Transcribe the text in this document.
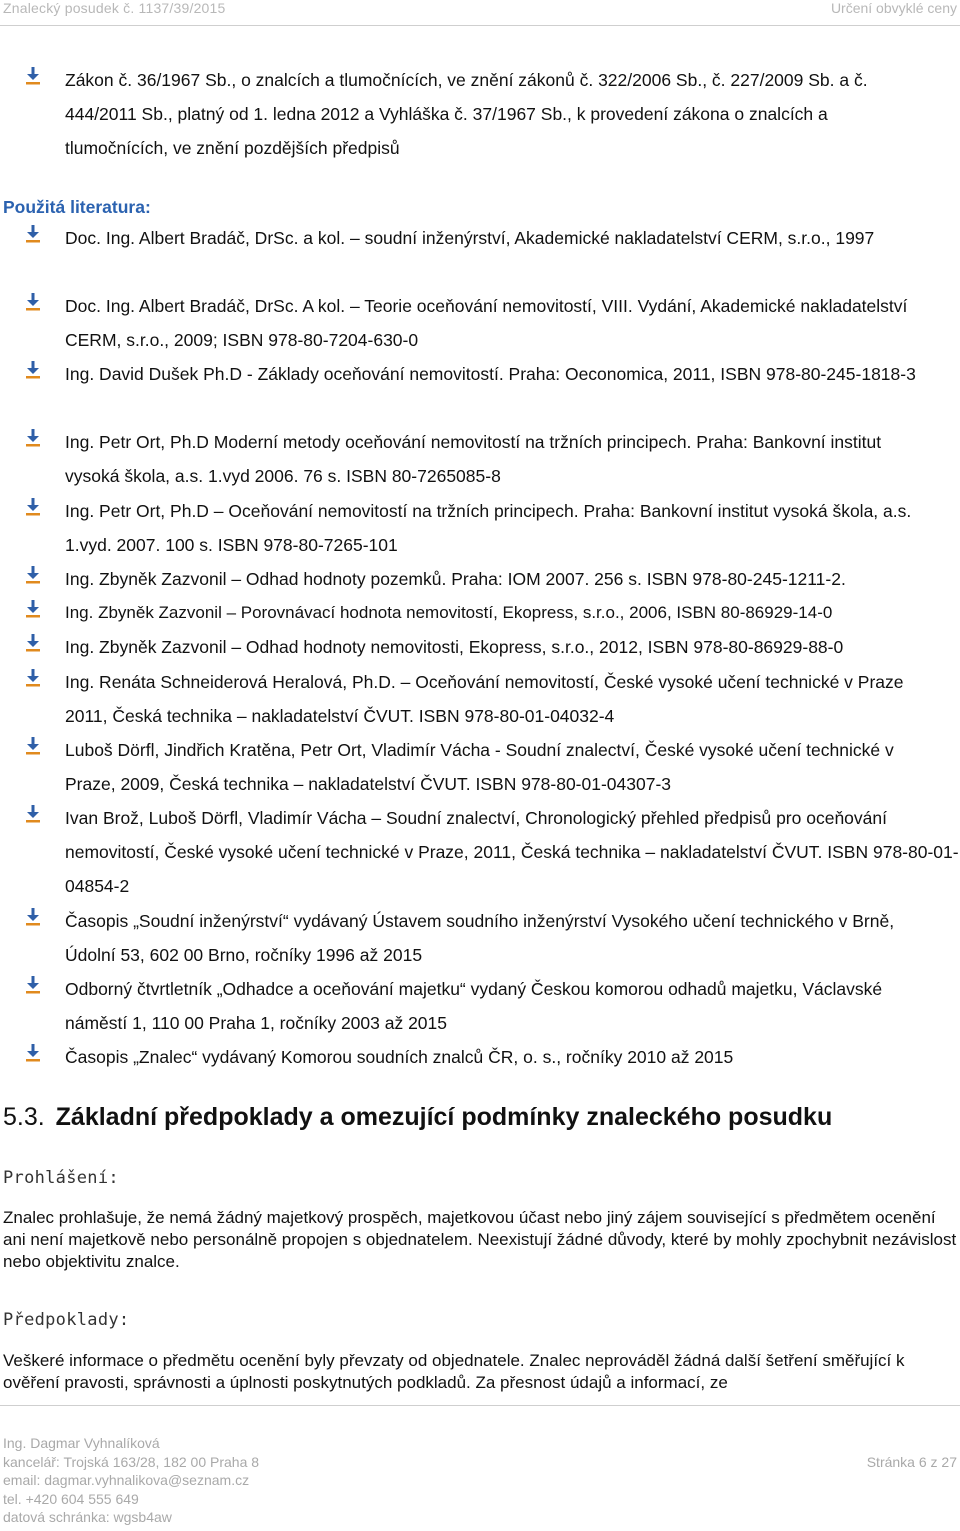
Znalecký posudek č. 1137/39/2015	Určení obvyklé ceny
Zákon č. 36/1967 Sb., o znalcích a tlumočnících, ve znění zákonů č. 322/2006 Sb., č. 227/2009 Sb. a č. 444/2011 Sb., platný od 1. ledna 2012 a Vyhláška č. 37/1967 Sb., k provedení zákona o znalcích a tlumočnících, ve znění pozdějších předpisů
Použitá literatura:
Doc. Ing. Albert Bradáč, DrSc. a kol. – soudní inženýrství, Akademické nakladatelství CERM, s.r.o., 1997
Doc. Ing. Albert Bradáč, DrSc. A kol. – Teorie oceňování nemovitostí, VIII. Vydání, Akademické nakladatelství CERM, s.r.o., 2009; ISBN 978-80-7204-630-0
Ing. David Dušek Ph.D - Základy oceňování nemovitostí. Praha: Oeconomica, 2011, ISBN 978-80-245-1818-3
Ing. Petr Ort, Ph.D Moderní metody oceňování nemovitostí na tržních principech. Praha: Bankovní institut vysoká škola, a.s. 1.vyd 2006. 76 s. ISBN 80-7265085-8
Ing. Petr Ort, Ph.D – Oceňování nemovitostí na tržních principech. Praha: Bankovní institut vysoká škola, a.s. 1.vyd. 2007. 100 s. ISBN 978-80-7265-101
Ing. Zbyněk Zazvonil – Odhad hodnoty pozemků. Praha: IOM 2007. 256 s. ISBN 978-80-245-1211-2.
Ing. Zbyněk Zazvonil – Porovnávací hodnota nemovitostí, Ekopress, s.r.o., 2006, ISBN 80-86929-14-0
Ing. Zbyněk Zazvonil – Odhad hodnoty nemovitosti, Ekopress, s.r.o., 2012, ISBN 978-80-86929-88-0
Ing. Renáta Schneiderová Heralová, Ph.D. – Oceňování nemovitostí, České vysoké učení technické v Praze 2011, Česká technika – nakladatelství ČVUT. ISBN 978-80-01-04032-4
Luboš Dörfl, Jindřich Kratěna, Petr Ort, Vladimír Vácha - Soudní znalectví, České vysoké učení technické v Praze, 2009, Česká technika – nakladatelství ČVUT. ISBN 978-80-01-04307-3
Ivan Brož, Luboš Dörfl, Vladimír Vácha – Soudní znalectví, Chronologický přehled předpisů pro oceňování nemovitostí, České vysoké učení technické v Praze, 2011, Česká technika – nakladatelství ČVUT. ISBN 978-80-01-04854-2
Časopis „Soudní inženýrství“ vydávaný Ústavem soudního inženýrství Vysokého učení technického v Brně, Údolní 53, 602 00 Brno, ročníky 1996 až 2015
Odborný čtvrtletník „Odhadce a oceňování majetku“ vydaný Českou komorou odhadů majetku, Václavské náměstí 1, 110 00 Praha 1, ročníky 2003 až 2015
Časopis „Znalec“ vydávaný Komorou soudních znalců ČR, o. s., ročníky 2010 až 2015
5.3. Základní předpoklady a omezující podmínky znaleckého posudku
Prohlášení:
Znalec prohlašuje, že nemá žádný majetkový prospěch, majetkovou účast nebo jiný zájem související s předmětem ocenění ani není majetkově nebo personálně propojen s objednatelem. Neexistují žádné důvody, které by mohly zpochybnit nezávislost nebo objektivitu znalce.
Předpoklady:
Veškeré informace o předmětu ocenění byly převzaty od objednatele. Znalec neprováděl žádná další šetření směřující k ověření pravosti, správnosti a úplnosti poskytnutých podkladů. Za přesnost údajů a informací, ze
Ing. Dagmar Vyhnalíková
kancelář: Trojská 163/28, 182 00 Praha 8	Stránka 6 z 27
email: dagmar.vyhnalikova@seznam.cz
tel. +420 604 555 649
datová schránka: wgsb4aw
